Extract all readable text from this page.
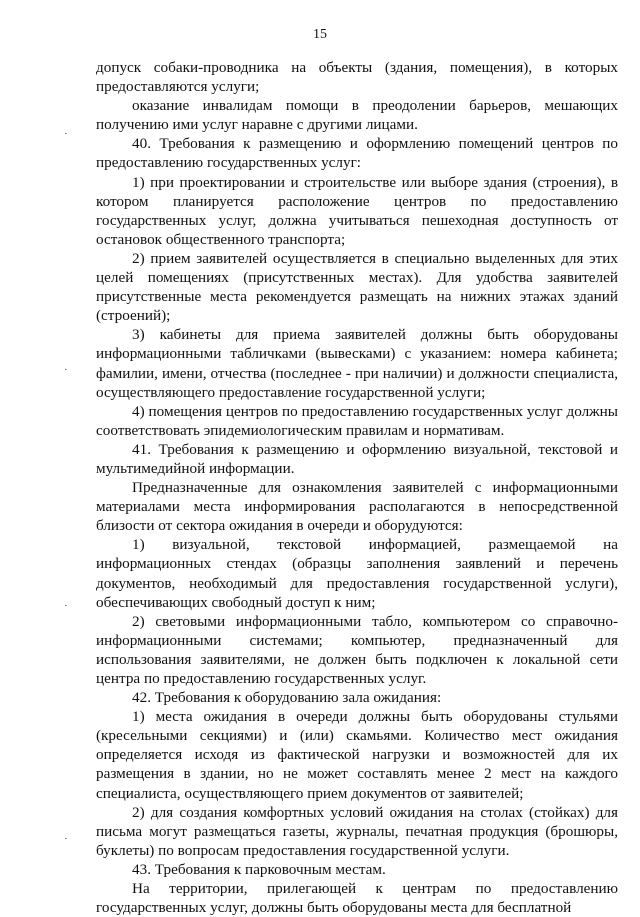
15
·
·
·
·

допуск собаки-проводника на объекты (здания, помещения), в которых предоставляются услуги;

оказание инвалидам помощи в преодолении барьеров, мешающих получению ими услуг наравне с другими лицами.

40. Требования к размещению и оформлению помещений центров по предоставлению государственных услуг:

1) при проектировании и строительстве или выборе здания (строения), в котором планируется расположение центров по предоставлению государственных услуг, должна учитываться пешеходная доступность от остановок общественного транспорта;

2) прием заявителей осуществляется в специально выделенных для этих целей помещениях (присутственных местах). Для удобства заявителей присутственные места рекомендуется размещать на нижних этажах зданий (строений);

3) кабинеты для приема заявителей должны быть оборудованы информационными табличками (вывесками) с указанием: номера кабинета; фамилии, имени, отчества (последнее - при наличии) и должности специалиста, осуществляющего предоставление государственной услуги;

4) помещения центров по предоставлению государственных услуг должны соответствовать эпидемиологическим правилам и нормативам.

41. Требования к размещению и оформлению визуальной, текстовой и мультимедийной информации.

Предназначенные для ознакомления заявителей с информационными материалами места информирования располагаются в непосредственной близости от сектора ожидания в очереди и оборудуются:

1) визуальной, текстовой информацией, размещаемой на информационных стендах (образцы заполнения заявлений и перечень документов, необходимый для предоставления государственной услуги), обеспечивающих свободный доступ к ним;

2) световыми информационными табло, компьютером со справочно-информационными системами; компьютер, предназначенный для использования заявителями, не должен быть подключен к локальной сети центра по предоставлению государственных услуг.

42. Требования к оборудованию зала ожидания:

1) места ожидания в очереди должны быть оборудованы стульями (кресельными секциями) и (или) скамьями. Количество мест ожидания определяется исходя из фактической нагрузки и возможностей для их размещения в здании, но не может составлять менее 2 мест на каждого специалиста, осуществляющего прием документов от заявителей;

2) для создания комфортных условий ожидания на столах (стойках) для письма могут размещаться газеты, журналы, печатная продукция (брошюры, буклеты) по вопросам предоставления государственной услуги.

43. Требования к парковочным местам.

На территории, прилегающей к центрам по предоставлению государственных услуг, должны быть оборудованы места для бесплатной
